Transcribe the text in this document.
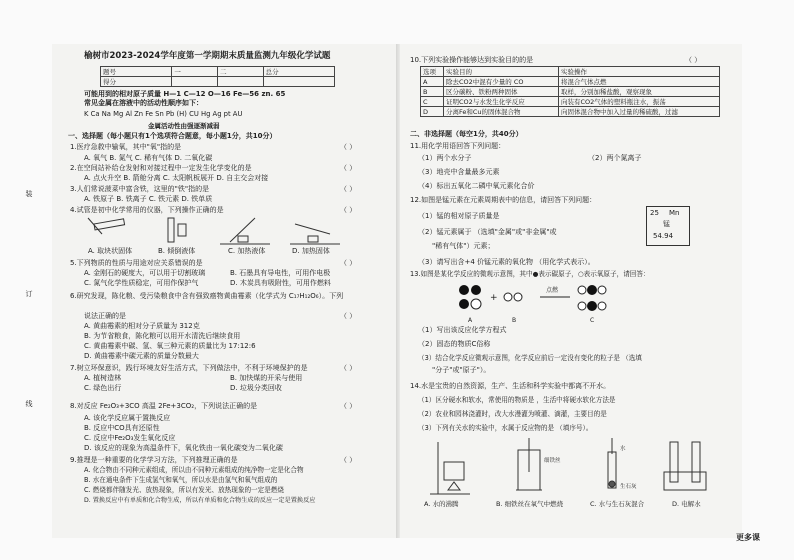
装
订
线
榆树市2023-2024学年度第一学期期末质量监测九年级化学试题
题号	一	二	总分
得分			
可能用到的相对原子质量 H—1 C—12 O—16 Fe—56 zn. 65
常见金属在溶液中的活动性顺序如下：
K Ca Na Mg Al Zn Fe Sn Pb (H) CU Hg Ag pt AU
金属活动性由强逐渐减弱
一、选择题（每小题只有1个选项符合题意，每小题1分，共10分）
1.医疗急救中输氧，其中"氧"指的是	（ ）
A. 氧气 B. 氮气 C. 稀有气体 D. 二氧化碳
2.在空间站补给仓发射和对接过程中一定发生化学变化的是	（ ）
A. 点火升空 B. 箭舱分离 C. 太阳帆板展开 D. 自主交会对接
3.人们常说菠菜中富含铁，这里的"铁"指的是	（ ）
A. 铁原子 B. 铁离子 C. 铁元素 D. 铁单质
4.试管是初中化学常用的仪器，下列操作正确的是	（ ）
A. 取块状固体	B. 倾倒液体	C. 加热液体	D. 加热固体
5.下列物质的性质与用途对应关系错误的是	（ ）
A. 金刚石的硬度大，可以用于切割玻璃	B. 石墨具有导电性，可用作电极
C. 氮气化学性质稳定，可用作保护气	D. 木炭具有吸附性，可用作燃料
6.研究发现，陈化粮、受污染粮食中含有强致癌物黄曲霉素（化学式为 C₁₇H₁₂O₆）。下列
说法正确的是	（ ）
A. 黄曲霉素的相对分子质量为 312克
B. 为节省粮食，陈化粮可以用开水清洗后继续食用
C. 黄曲霉素中碳、氢、氧三种元素的质量比为 17:12:6
D. 黄曲霉素中碳元素的质量分数最大
7.树立环保意识，践行环境友好生活方式，下列做法中，不利于环境保护的是	（ ）
A. 植树造林	B. 加快煤的开采与使用
C. 绿色出行	D. 垃圾分类回收
8.对反应 Fe₂O₃+3CO 高温 2Fe+3CO₂，下列说法正确的是	（ ）
A. 该化学反应属于置换反应
B. 反应中CO具有还原性
C. 反应中Fe₂O₃发生氧化反应
D. 该反应的现象为高温条件下，氧化铁由一氧化碳变为二氧化碳
9.推理是一种重要的化学学习方法，下列推理正确的是	（ ）
A. 化合物由不同种元素组成，所以由不同种元素组成的纯净物一定是化合物
B. 水在通电条件下生成氢气和氧气，所以水是由氢气和氧气组成的
C. 燃烧都伴随发光、放热现象，所以有发光、放热现象的一定是燃烧
D. 置换反应中有单质和化合物生成，所以有单质和化合物生成的反应一定是置换反应
10.下列实验操作能够达到实验目的的是	（ ）
选项	实验目的	实验操作
A	除去CO2中混有少量的 CO	将混合气体点燃
B	区分碳粉、铁粉两种固体	取样，分别加稀盐酸，观察现象
C	证明CO2与水发生化学反应	向装有CO2气体的塑料瓶注水，振荡
D	分离Fe和Cu的固体混合物	向固体混合物中加入过量的稀硫酸，过滤
二、非选择题（每空1分，共40分）
11.用化学用语回答下列问题：
（1）两个水分子	（2）两个氮离子
（3）地壳中含量最多元素
（4）标出五氧化二磷中氧元素化合价
12.如图是锰元素在元素周期表中的信息，请回答下列问题：
（1）锰的相对原子质量是
（2）锰元素属于 （选填"金属"或"非金属"或
"稀有气体"）元素；
（3）请写出含+4 价锰元素的氧化物 （用化学式表示）。
25 Mn
锰
54.94
13.如图是某化学反应的微观示意图，其中●表示碳原子，○表示氧原子，请回答：
+
点燃
A	B	C
（1）写出该反应化学方程式
（2）固态的物质C俗称
（3）结合化学反应微观示意图，化学反应前后一定没有变化的粒子是 （选填
"分子"或"原子"）。
14.水是宝贵的自然资源，生产、生活和科学实验中都离不开水。
（1）区分硬水和软水，常使用的物质是 ，生活中将硬水软化方法是
（2）农业和园林浇灌时，改大水漫灌为喷灌、滴灌，主要目的是
（3）下列有关水的实验中，水属于反应物的是 （填序号）。
细铁丝
水
生石灰
A. 水的沸腾	B. 细铁丝在氧气中燃烧	C. 水与生石灰混合	D. 电解水
更多课
